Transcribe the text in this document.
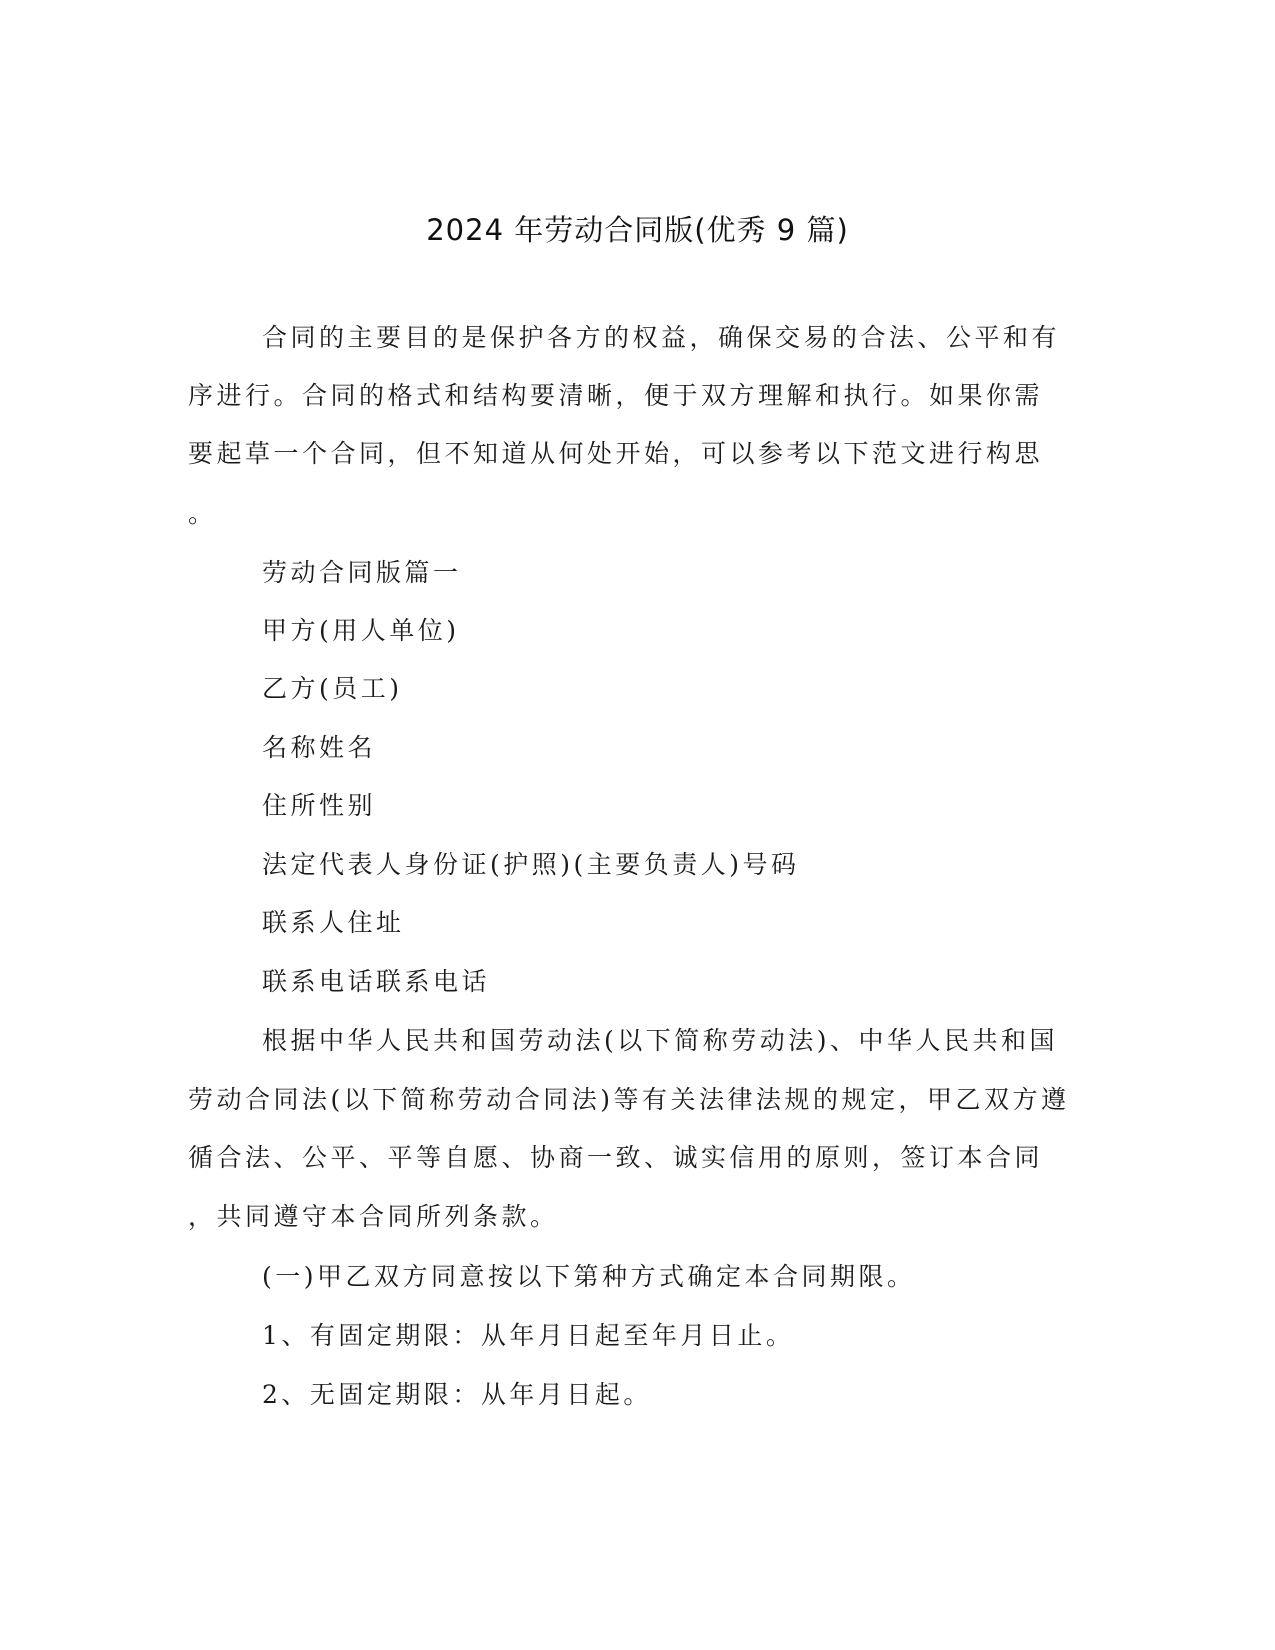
2024 年劳动合同版(优秀 9 篇)
合同的主要目的是保护各方的权益，确保交易的合法、公平和有
序进行。合同的格式和结构要清晰，便于双方理解和执行。如果你需
要起草一个合同，但不知道从何处开始，可以参考以下范文进行构思
。
劳动合同版篇一
甲方(用人单位)
乙方(员工)
名称姓名
住所性别
法定代表人身份证(护照)(主要负责人)号码
联系人住址
联系电话联系电话
根据中华人民共和国劳动法(以下简称劳动法)、中华人民共和国
劳动合同法(以下简称劳动合同法)等有关法律法规的规定，甲乙双方遵
循合法、公平、平等自愿、协商一致、诚实信用的原则，签订本合同
，共同遵守本合同所列条款。
(一)甲乙双方同意按以下第种方式确定本合同期限。
1、有固定期限：从年月日起至年月日止。
2、无固定期限：从年月日起。
